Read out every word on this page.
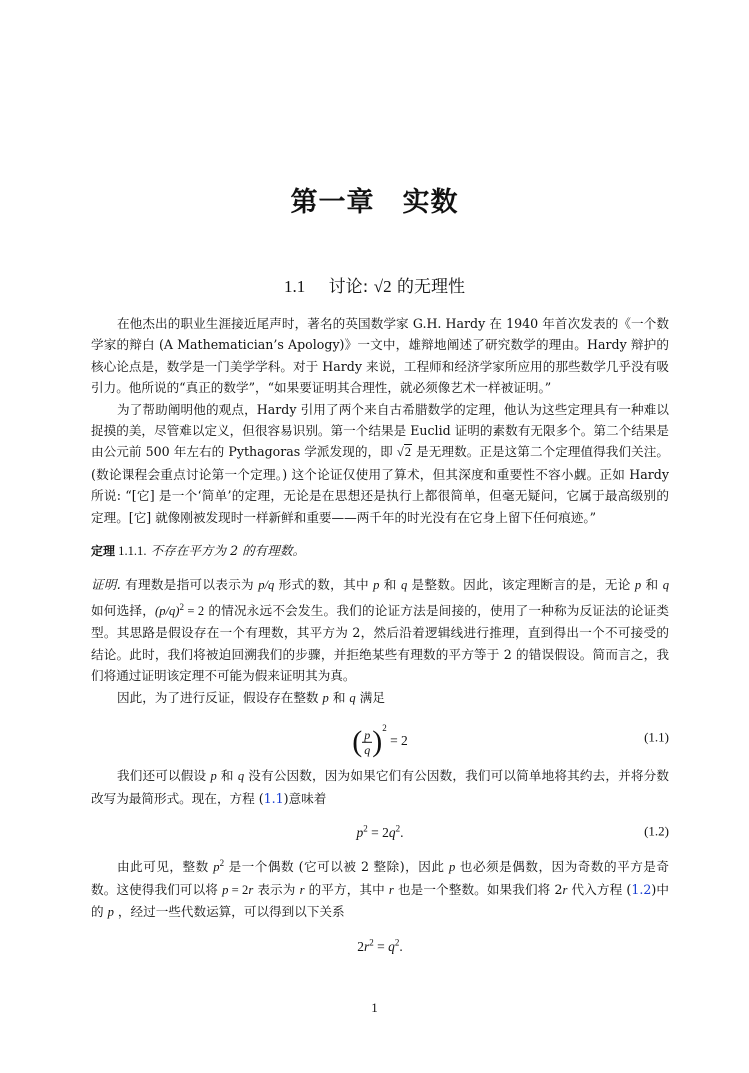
第一章　实数
1.1 讨论: √2 的无理性

在他杰出的职业生涯接近尾声时，著名的英国数学家 G.H. Hardy 在 1940 年首次发表的《一个数学家的辩白 (A Mathematician’s Apology)》一文中，雄辩地阐述了研究数学的理由。Hardy 辩护的核心论点是，数学是一门美学学科。对于 Hardy 来说，工程师和经济学家所应用的那些数学几乎没有吸引力。他所说的“真正的数学”，“如果要证明其合理性，就必须像艺术一样被证明。”

为了帮助阐明他的观点，Hardy 引用了两个来自古希腊数学的定理，他认为这些定理具有一种难以捉摸的美，尽管难以定义，但很容易识别。第一个结果是 Euclid 证明的素数有无限多个。第二个结果是由公元前 500 年左右的 Pythagoras 学派发现的，即 √2 是无理数。正是这第二个定理值得我们关注。(数论课程会重点讨论第一个定理。) 这个论证仅使用了算术，但其深度和重要性不容小觑。正如 Hardy 所说: “[它] 是一个‘简单’的定理，无论是在思想还是执行上都很简单，但毫无疑问，它属于最高级别的定理。[它] 就像刚被发现时一样新鲜和重要——两千年的时光没有在它身上留下任何痕迹。”

定理 1.1.1. 不存在平方为 2 的有理数。

证明. 有理数是指可以表示为 p/q 形式的数，其中 p 和 q 是整数。因此，该定理断言的是，无论 p 和 q 如何选择，$(p/q)^2 = 2$ 的情况永远不会发生。我们的论证方法是间接的，使用了一种称为反证法的论证类型。其思路是假设存在一个有理数，其平方为 2，然后沿着逻辑线进行推理，直到得出一个不可接受的结论。此时，我们将被迫回溯我们的步骤，并拒绝某些有理数的平方等于 2 的错误假设。简而言之，我们将通过证明该定理不可能为假来证明其为真。

因此，为了进行反证，假设存在整数 p 和 q 满足

( $\frac{p}{q} )^2 = 2$	(1.1)

我们还可以假设 p 和 q 没有公因数，因为如果它们有公因数，我们可以简单地将其约去，并将分数改写为最简形式。现在，方程 (1.1)意味着

$p^2 = 2q^2$.	(1.2)

由此可见，整数 $p^2$ 是一个偶数 (它可以被 2 整除)，因此 p 也必须是偶数，因为奇数的平方是奇数。这使得我们可以将 p = 2r 表示为 r 的平方，其中 r 也是一个整数。如果我们将 2r 代入方程 (1.2)中的 p ，经过一些代数运算，可以得到以下关系

$2r^2 = q^2$.
1
